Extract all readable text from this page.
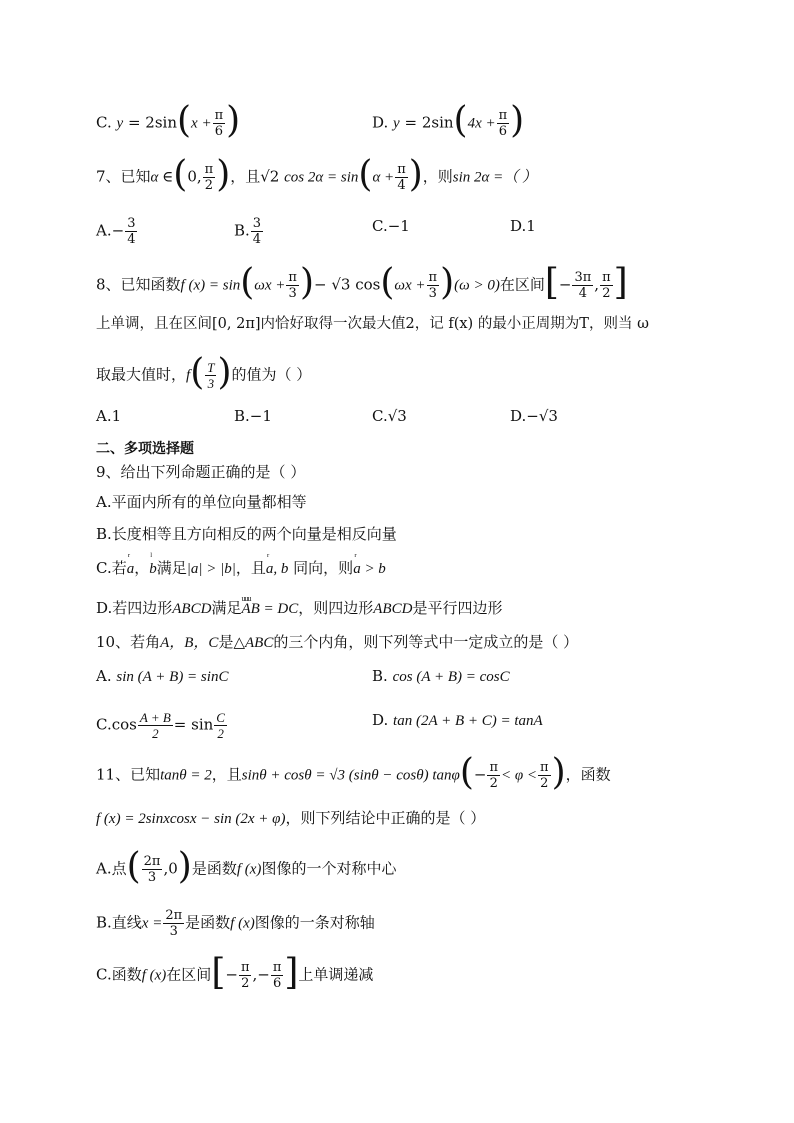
C. $y = 2\sin(x + \frac{\pi}{6}$ )	D. $y = 2\sin(4x + \frac{\pi}{6}$ )
7、已知α ∈(0, $\frac{\pi}{2}$ )，且√2 $\cos 2\alpha = \sin(\alpha + \frac{\pi}{4}$ )，则sin 2α =（ ）
$A.- \frac{3}{4}$	B. $\frac{3}{4}$	C.−1	D.1
8、已知函数f $(x) = \sin(\omega x + \frac{\pi}{3}$ )− √3 $\cos(\omega x + \frac{\pi}{3} )(\omega > 0)$在区间[− $\frac{3\pi}{4}$ , $\frac{\pi}{2}$ ]
上单调，且在区间[0, 2π]内恰好取得一次最大值2，记 f(x) 的最小正周期为T，则当 ω
取最大值时，$f( \frac{T}{3}$ )的值为（ ）
A.1	B.−1	C.√3	D.−√3
二、多项选择题
9、给出下列命题正确的是（ ）
A.平面内所有的单位向量都相等
B.长度相等且方向相反的两个向量是相反向量
C.若ʳ a，ˡ b满足|a| > |b|，且ʳ a, b 同向，则ʳ a > b
D.若四边形ABCD满足uuu AB = DC，则四边形ABCD是平行四边形
10、若角A，B，C是△ABC的三个内角，则下列等式中一定成立的是（ ）
A. sin (A + B) = sinC	B. cos (A + B) = cosC
$C.\cos \frac{A + B}{2} = \sin \frac{C}{2}$	D. tan (2A + B + C) = tanA
11、已知tanθ = 2，且sinθ + cosθ = √3 (sinθ − cosθ) $\tan\varphi(- \frac{\pi}{2} < \varphi < \frac{\pi}{2}$ )，函数
f (x) = 2sinxcosx − sin (2x + φ)，则下列结论中正确的是（ ）
A.点( $\frac{2\pi}{3} ,0$)是函数f (x)图像的一个对称中心
B.直线$x = \frac{2\pi}{3}$ 是函数f (x)图像的一条对称轴
C.函数f (x)在区间[− $\frac{\pi}{2}$ ,− $\frac{\pi}{6}$ ]上单调递减
